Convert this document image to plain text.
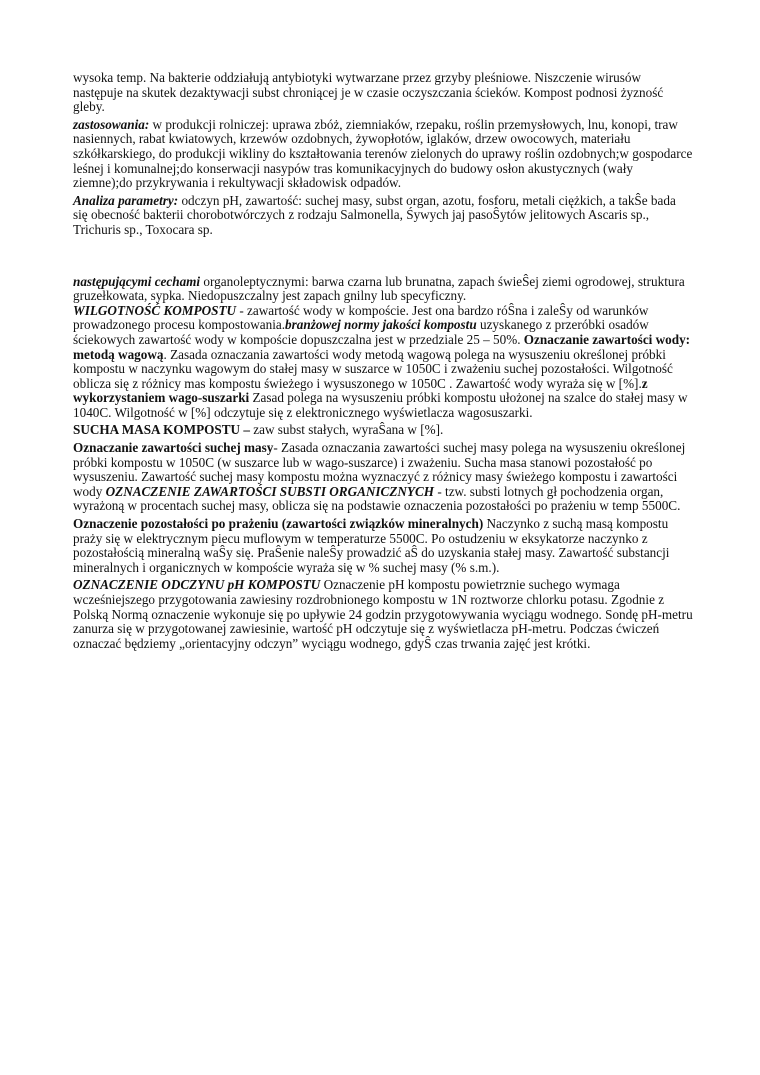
wysoka temp. Na bakterie oddziałują antybiotyki wytwarzane przez grzyby pleśniowe. Niszczenie wirusów następuje na skutek dezaktywacji subst chroniącej je w czasie oczyszczania ścieków. Kompost podnosi żyzność gleby.

zastosowania: w produkcji rolniczej: uprawa zbóż, ziemniaków, rzepaku, roślin przemysłowych, lnu, konopi, traw nasiennych, rabat kwiatowych, krzewów ozdobnych, żywopłotów, iglaków, drzew owocowych, materiału szkółkarskiego, do produkcji wikliny do kształtowania terenów zielonych do uprawy roślin ozdobnych;w gospodarce leśnej i komunalnej;do konserwacji nasypów tras komunikacyjnych do budowy osłon akustycznych (wały ziemne);do przykrywania i rekultywacji składowisk odpadów.

Analiza parametry: odczyn pH, zawartość: suchej masy, subst organ, azotu, fosforu, metali ciężkich, a takŜe bada się obecność bakterii chorobotwórczych z rodzaju Salmonella, Śywych jaj pasoŜytów jelitowych Ascaris sp., Trichuris sp., Toxocara sp.

następującymi cechami organoleptycznymi: barwa czarna lub brunatna, zapach świeŜej ziemi ogrodowej, struktura gruzełkowata, sypka. Niedopuszczalny jest zapach gnilny lub specyficzny.
WILGOTNOŚĆ KOMPOSTU - zawartość wody w kompoście. Jest ona bardzo róŜna i zaleŜy od warunków prowadzonego procesu kompostowania.branżowej normy jakości kompostu uzyskanego z przeróbki osadów ściekowych zawartość wody w kompoście dopuszczalna jest w przedziale 25 – 50%. Oznaczanie zawartości wody: metodą wagową. Zasada oznaczania zawartości wody metodą wagową polega na wysuszeniu określonej próbki kompostu w naczynku wagowym do stałej masy w suszarce w 1050C i zważeniu suchej pozostałości. Wilgotność oblicza się z różnicy mas kompostu świeżego i wysuszonego w 1050C . Zawartość wody wyraża się w [%].z wykorzystaniem wago-suszarki Zasad polega na wysuszeniu próbki kompostu ułożonej na szalce do stałej masy w 1040C. Wilgotność w [%] odczytuje się z elektronicznego wyświetlacza wagosuszarki.

SUCHA MASA KOMPOSTU – zaw subst stałych, wyraŜana w [%].

Oznaczanie zawartości suchej masy- Zasada oznaczania zawartości suchej masy polega na wysuszeniu określonej próbki kompostu w 1050C (w suszarce lub w wago-suszarce) i zważeniu. Sucha masa stanowi pozostałość po wysuszeniu. Zawartość suchej masy kompostu można wyznaczyć z różnicy masy świeżego kompostu i zawartości wody OZNACZENIE ZAWARTOŚCI SUBSTI ORGANICZNYCH - tzw. substi lotnych gł pochodzenia organ, wyrażoną w procentach suchej masy, oblicza się na podstawie oznaczenia pozostałości po prażeniu w temp 5500C.

Oznaczenie pozostałości po prażeniu (zawartości związków mineralnych) Naczynko z suchą masą kompostu praży się w elektrycznym piecu muflowym w temperaturze 5500C. Po ostudzeniu w eksykatorze naczynko z pozostałością mineralną waŜy się. PraŜenie naleŜy prowadzić aŜ do uzyskania stałej masy. Zawartość substancji mineralnych i organicznych w kompoście wyraża się w % suchej masy (% s.m.).

OZNACZENIE ODCZYNU pH KOMPOSTU Oznaczenie pH kompostu powietrznie suchego wymaga wcześniejszego przygotowania zawiesiny rozdrobnionego kompostu w 1N roztworze chlorku potasu. Zgodnie z Polską Normą oznaczenie wykonuje się po upływie 24 godzin przygotowywania wyciągu wodnego. Sondę pH-metru zanurza się w przygotowanej zawiesinie, wartość pH odczytuje się z wyświetlacza pH-metru. Podczas ćwiczeń oznaczać będziemy „orientacyjny odczyn” wyciągu wodnego, gdyŜ czas trwania zajęć jest krótki.
